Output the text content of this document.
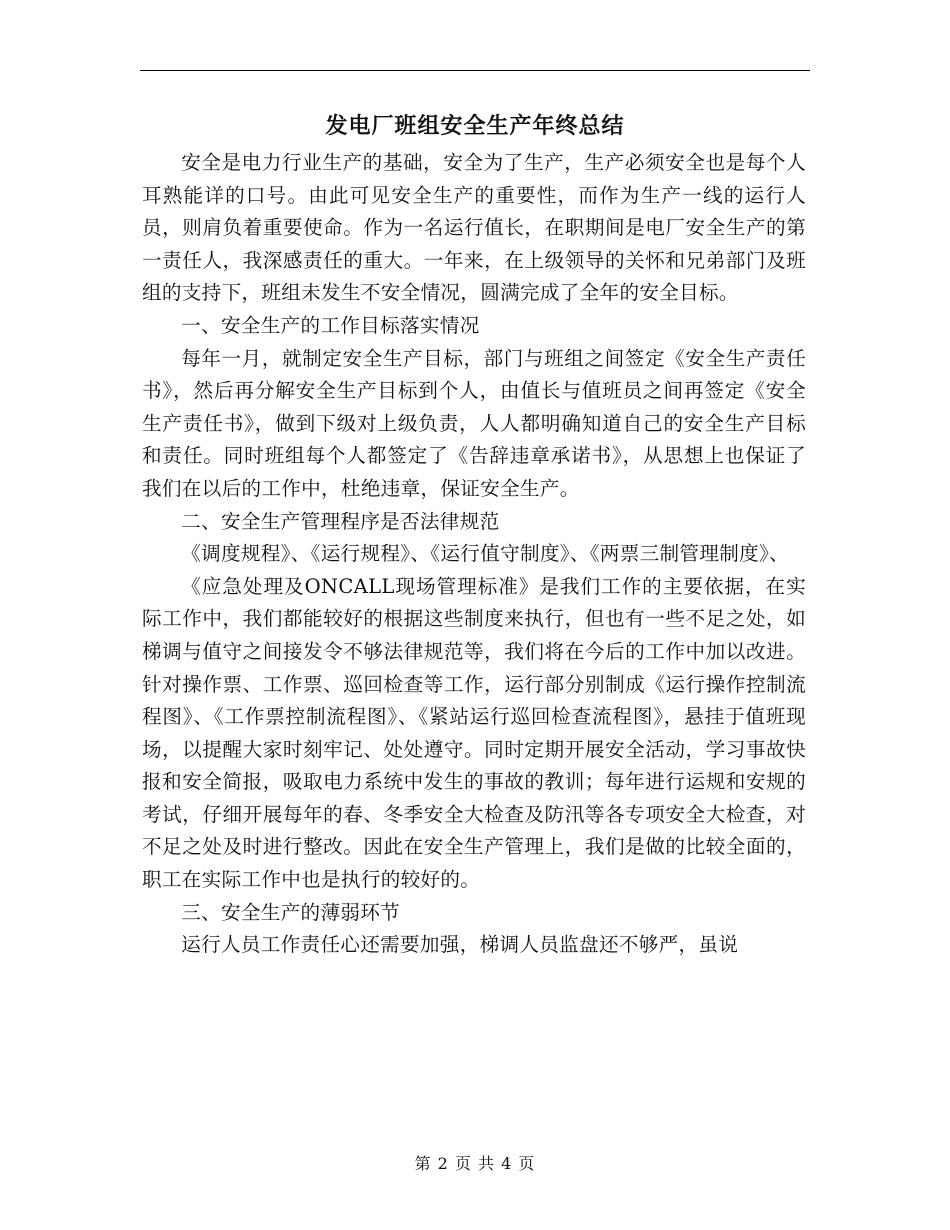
发电厂班组安全生产年终总结

安全是电力行业生产的基础，安全为了生产，生产必须安全也是每个人耳熟能详的口号。由此可见安全生产的重要性，而作为生产一线的运行人员，则肩负着重要使命。作为一名运行值长，在职期间是电厂安全生产的第一责任人，我深感责任的重大。一年来，在上级领导的关怀和兄弟部门及班组的支持下，班组未发生不安全情况，圆满完成了全年的安全目标。

一、安全生产的工作目标落实情况

每年一月，就制定安全生产目标，部门与班组之间签定《安全生产责任书》，然后再分解安全生产目标到个人，由值长与值班员之间再签定《安全生产责任书》，做到下级对上级负责，人人都明确知道自己的安全生产目标和责任。同时班组每个人都签定了《告辞违章承诺书》，从思想上也保证了我们在以后的工作中，杜绝违章，保证安全生产。

二、安全生产管理程序是否法律规范

《调度规程》、《运行规程》、《运行值守制度》、《两票三制管理制度》、

《应急处理及ONCALL现场管理标准》是我们工作的主要依据，在实际工作中，我们都能较好的根据这些制度来执行，但也有一些不足之处，如梯调与值守之间接发令不够法律规范等，我们将在今后的工作中加以改进。针对操作票、工作票、巡回检查等工作，运行部分别制成《运行操作控制流程图》、《工作票控制流程图》、《紧站运行巡回检查流程图》，悬挂于值班现场，以提醒大家时刻牢记、处处遵守。同时定期开展安全活动，学习事故快报和安全简报，吸取电力系统中发生的事故的教训；每年进行运规和安规的考试，仔细开展每年的春、冬季安全大检查及防汛等各专项安全大检查，对不足之处及时进行整改。因此在安全生产管理上，我们是做的比较全面的，职工在实际工作中也是执行的较好的。

三、安全生产的薄弱环节

运行人员工作责任心还需要加强，梯调人员监盘还不够严，虽说

第 2 页 共 4 页
